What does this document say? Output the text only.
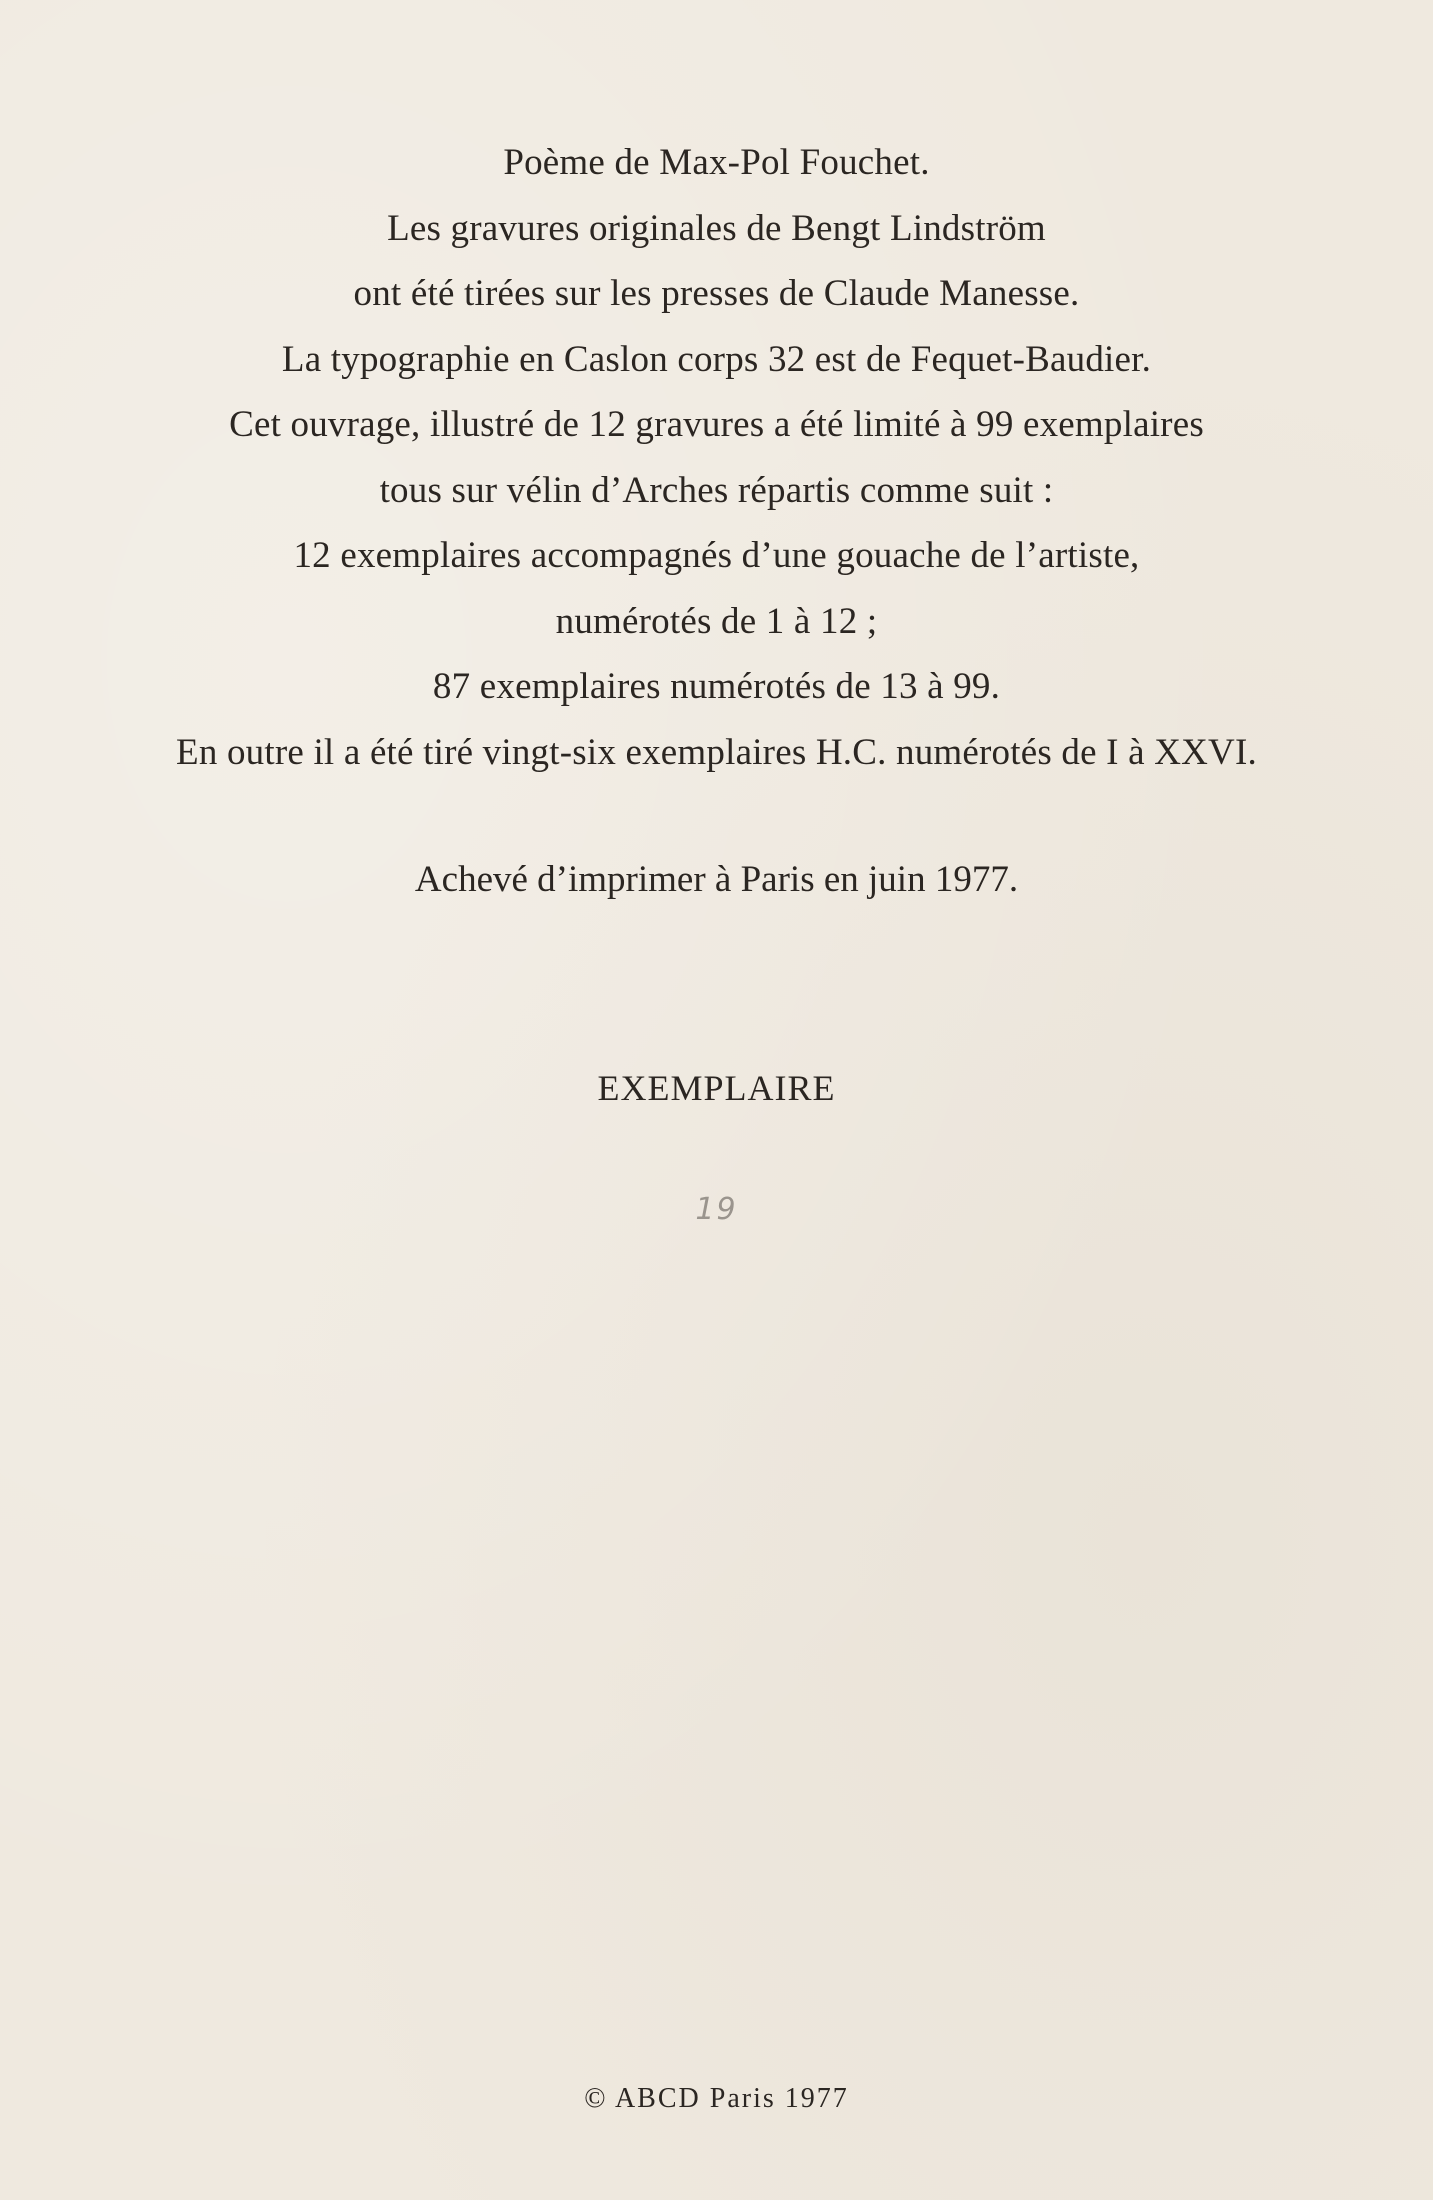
Poème de Max-Pol Fouchet.
Les gravures originales de Bengt Lindström
ont été tirées sur les presses de Claude Manesse.
La typographie en Caslon corps 32 est de Fequet-Baudier.
Cet ouvrage, illustré de 12 gravures a été limité à 99 exemplaires
tous sur vélin d’Arches répartis comme suit :
12 exemplaires accompagnés d’une gouache de l’artiste,
numérotés de 1 à 12 ;
87 exemplaires numérotés de 13 à 99.
En outre il a été tiré vingt-six exemplaires H.C. numérotés de I à XXVI.
Achevé d’imprimer à Paris en juin 1977.
EXEMPLAIRE
19
© ABCD Paris 1977
